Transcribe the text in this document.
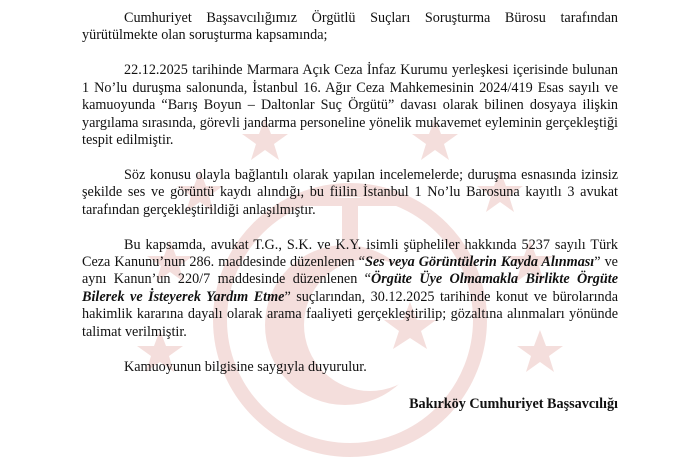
Cumhuriyet Başsavcılığımız Örgütlü Suçları Soruşturma Bürosu tarafından yürütülmekte olan soruşturma kapsamında;

22.12.2025 tarihinde Marmara Açık Ceza İnfaz Kurumu yerleşkesi içerisinde bulunan 1 No’lu duruşma salonunda, İstanbul 16. Ağır Ceza Mahkemesinin 2024/419 Esas sayılı ve kamuoyunda “Barış Boyun – Daltonlar Suç Örgütü” davası olarak bilinen dosyaya ilişkin yargılama sırasında, görevli jandarma personeline yönelik mukavemet eyleminin gerçekleştiği tespit edilmiştir.

Söz konusu olayla bağlantılı olarak yapılan incelemelerde; duruşma esnasında izinsiz şekilde ses ve görüntü kaydı alındığı, bu fiilin İstanbul 1 No’lu Barosuna kayıtlı 3 avukat tarafından gerçekleştirildiği anlaşılmıştır.

Bu kapsamda, avukat T.G., S.K. ve K.Y. isimli şüpheliler hakkında 5237 sayılı Türk Ceza Kanunu’nun 286. maddesinde düzenlenen “Ses veya Görüntülerin Kayda Alınması” ve aynı Kanun’un 220/7 maddesinde düzenlenen “Örgüte Üye Olmamakla Birlikte Örgüte Bilerek ve İsteyerek Yardım Etme” suçlarından, 30.12.2025 tarihinde konut ve bürolarında hakimlik kararına dayalı olarak arama faaliyeti gerçekleştirilip; gözaltına alınmaları yönünde talimat verilmiştir.

Kamuoyunun bilgisine saygıyla duyurulur.

Bakırköy Cumhuriyet Başsavcılığı
